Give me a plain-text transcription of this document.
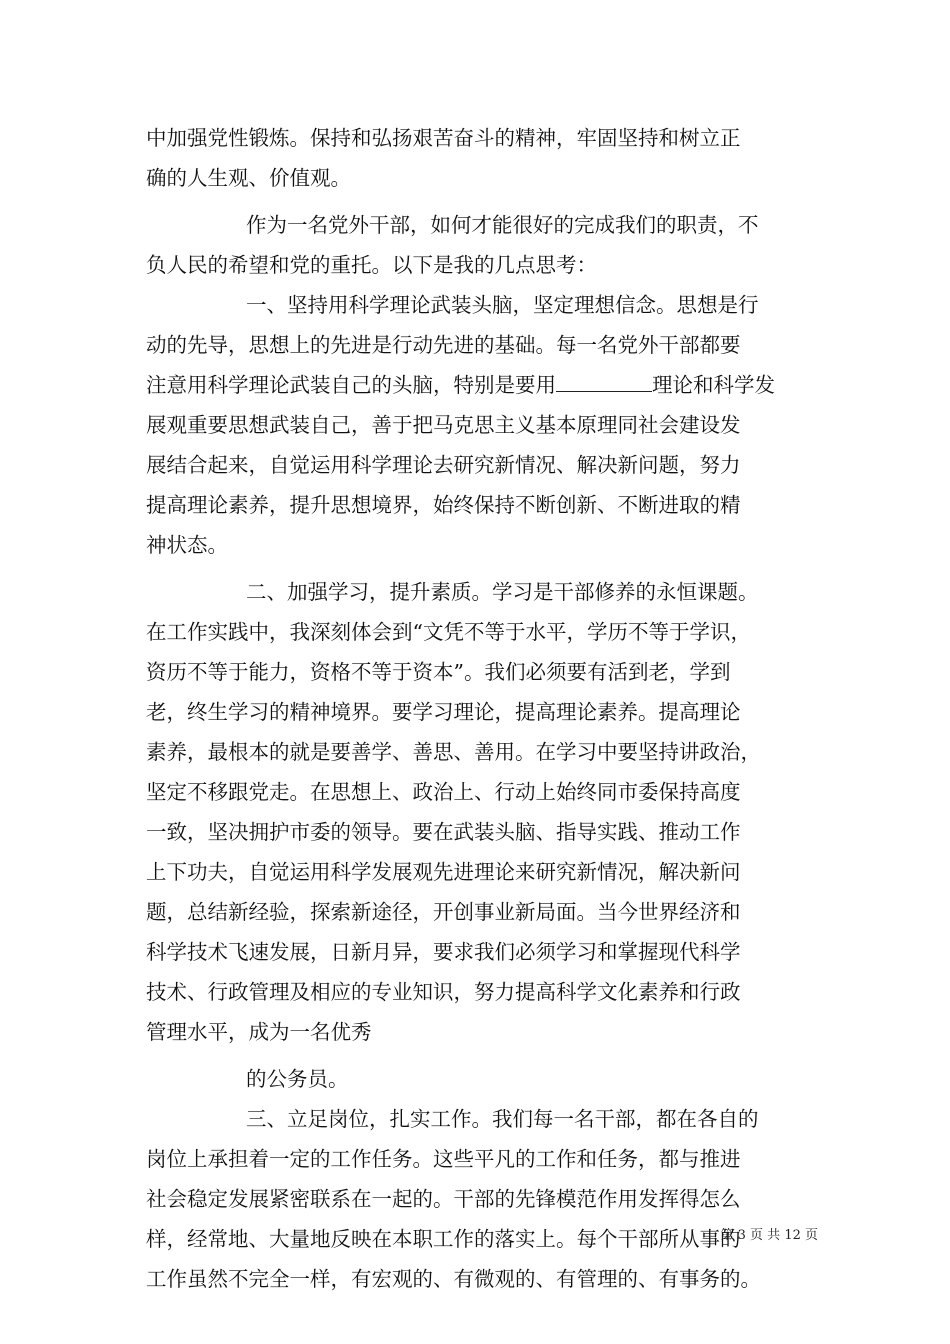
中加强党性锻炼。保持和弘扬艰苦奋斗的精神，牢固坚持和树立正
确的人生观、价值观。
作为一名党外干部，如何才能很好的完成我们的职责，不
负人民的希望和党的重托。以下是我的几点思考：
一、坚持用科学理论武装头脑，坚定理想信念。思想是行
动的先导，思想上的先进是行动先进的基础。每一名党外干部都要
注意用科学理论武装自己的头脑，特别是要用	理论和科学发
展观重要思想武装自己，善于把马克思主义基本原理同社会建设发
展结合起来，自觉运用科学理论去研究新情况、解决新问题，努力
提高理论素养，提升思想境界，始终保持不断创新、不断进取的精
神状态。
二、加强学习，提升素质。学习是干部修养的永恒课题。
在工作实践中，我深刻体会到“文凭不等于水平，学历不等于学识，
资历不等于能力，资格不等于资本”。我们必须要有活到老，学到
老，终生学习的精神境界。要学习理论，提高理论素养。提高理论
素养，最根本的就是要善学、善思、善用。在学习中要坚持讲政治，
坚定不移跟党走。在思想上、政治上、行动上始终同市委保持高度
一致，坚决拥护市委的领导。要在武装头脑、指导实践、推动工作
上下功夫，自觉运用科学发展观先进理论来研究新情况，解决新问
题，总结新经验，探索新途径，开创事业新局面。当今世界经济和
科学技术飞速发展，日新月异，要求我们必须学习和掌握现代科学
技术、行政管理及相应的专业知识，努力提高科学文化素养和行政
管理水平，成为一名优秀
的公务员。
三、立足岗位，扎实工作。我们每一名干部，都在各自的
岗位上承担着一定的工作任务。这些平凡的工作和任务，都与推进
社会稳定发展紧密联系在一起的。干部的先锋模范作用发挥得怎么
样，经常地、大量地反映在本职工作的落实上。每个干部所从事的
工作虽然不完全一样，有宏观的、有微观的、有管理的、有事务的。
第 3 页 共 12 页
